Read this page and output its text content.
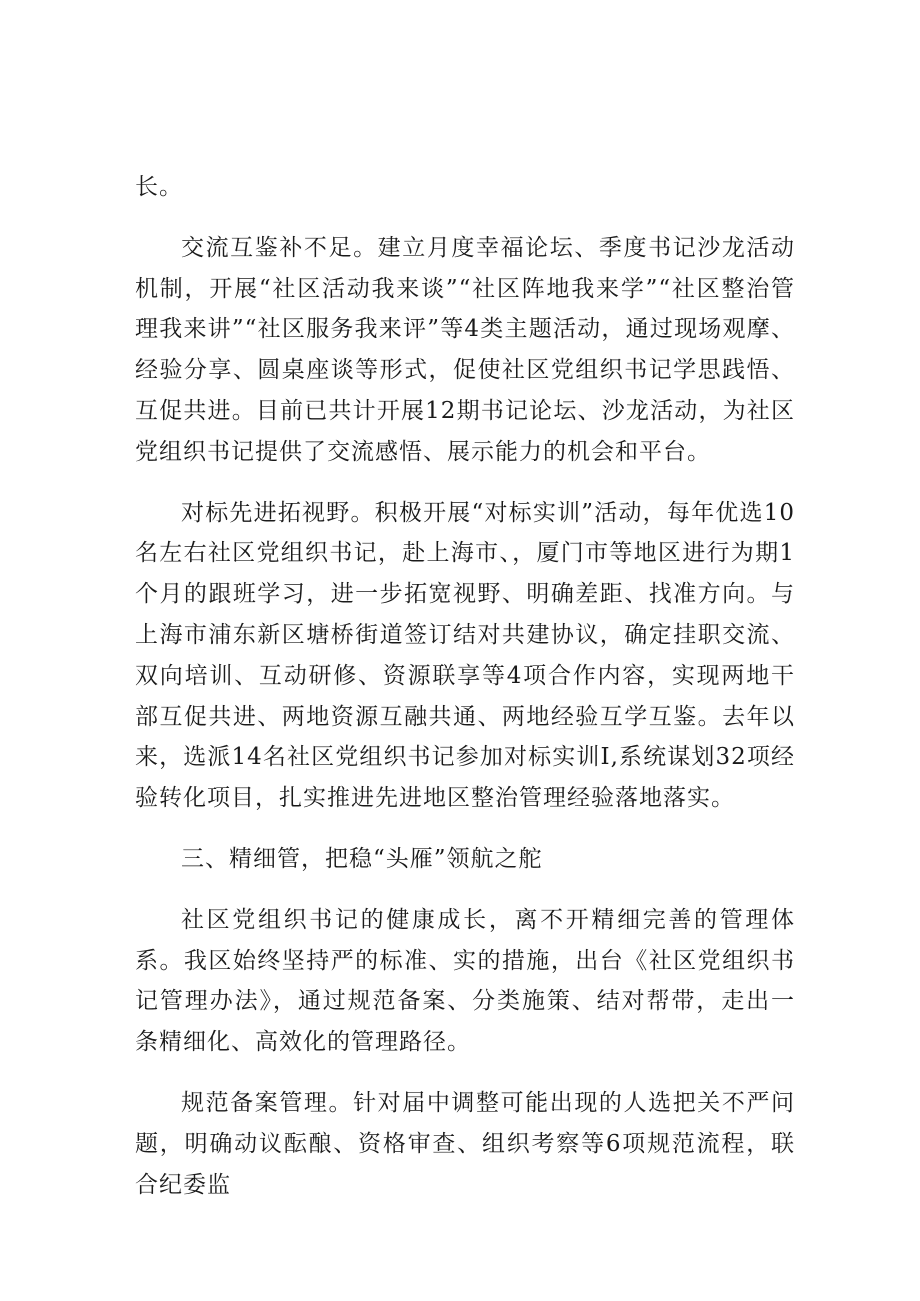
长。

交流互鉴补不足。建立月度幸福论坛、季度书记沙龙活动机制，开展“社区活动我来谈”“社区阵地我来学”“社区整治管理我来讲”“社区服务我来评”等4类主题活动，通过现场观摩、经验分享、圆桌座谈等形式，促使社区党组织书记学思践悟、互促共进。目前已共计开展12期书记论坛、沙龙活动，为社区党组织书记提供了交流感悟、展示能力的机会和平台。

对标先进拓视野。积极开展“对标实训”活动，每年优选10名左右社区党组织书记，赴上海市、，厦门市等地区进行为期1个月的跟班学习，进一步拓宽视野、明确差距、找准方向。与上海市浦东新区塘桥街道签订结对共建协议，确定挂职交流、双向培训、互动研修、资源联享等4项合作内容，实现两地干部互促共进、两地资源互融共通、两地经验互学互鉴。去年以来，选派14名社区党组织书记参加对标实训I,系统谋划32项经验转化项目，扎实推进先进地区整治管理经验落地落实。

三、精细管，把稳“头雁”领航之舵

社区党组织书记的健康成长，离不开精细完善的管理体系。我区始终坚持严的标准、实的措施，出台《社区党组织书记管理办法》，通过规范备案、分类施策、结对帮带，走出一条精细化、高效化的管理路径。

规范备案管理。针对届中调整可能出现的人选把关不严问题，明确动议酝酿、资格审查、组织考察等6项规范流程，联合纪委监
